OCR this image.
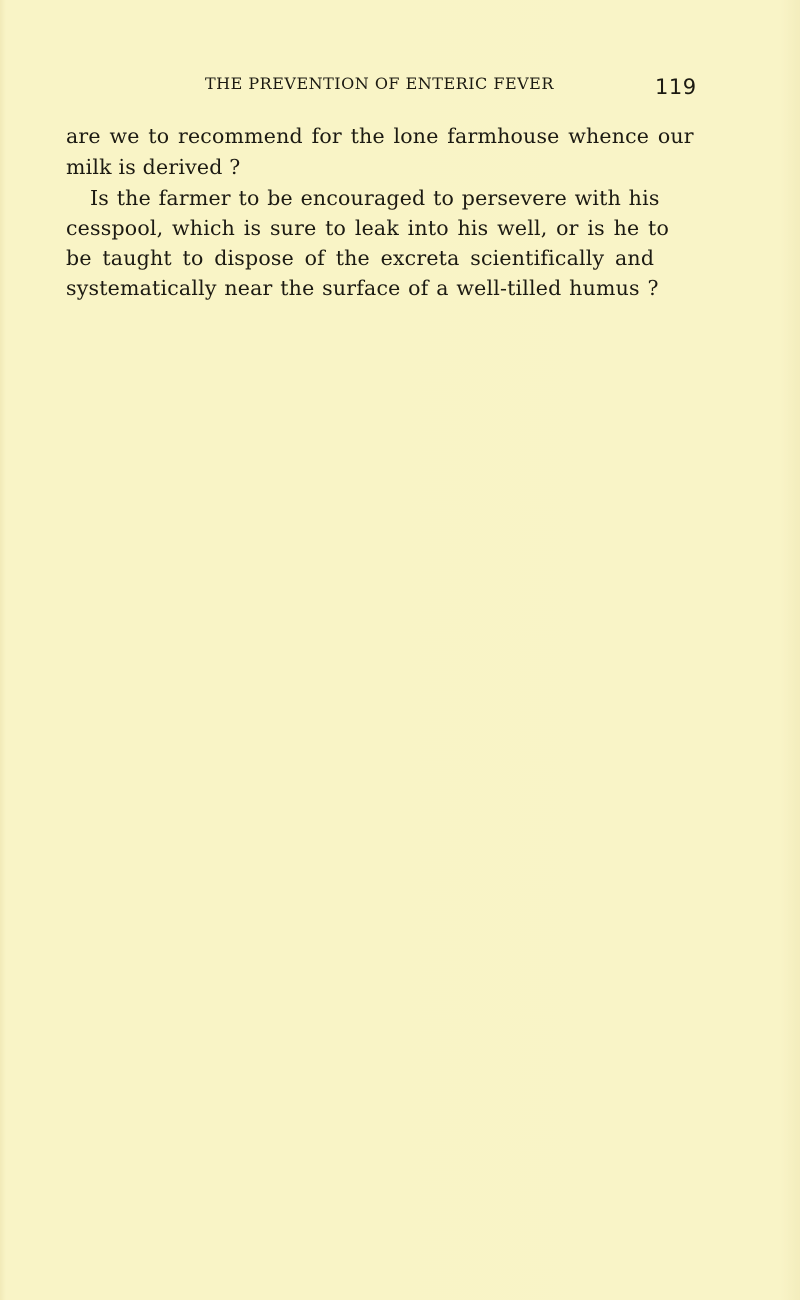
THE PREVENTION OF ENTERIC FEVER	119
are we to recommend for the lone farmhouse whence our
milk is derived ?
Is the farmer to be encouraged to persevere with his
cesspool, which is sure to leak into his well, or is he to
be taught to dispose of the excreta scientifically and
systematically near the surface of a well-tilled humus ?
